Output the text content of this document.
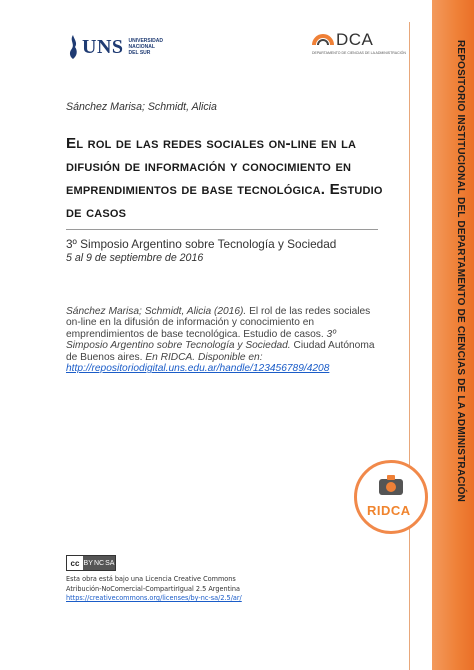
UNS UNIVERSIDAD
NACIONAL
DEL SUR
DCA
DEPARTAMENTO DE CIENCIAS DE LA ADMINISTRACIÓN	REPOSITORIO INSTITUCIONAL DEL DEPARTAMENTO DE CIENCIAS DE LA ADMINISTRACIÓN
Sánchez Marisa; Schmidt, Alicia
El rol de las redes sociales on-line en la difusión de información y conocimiento en emprendimientos de base tecnológica. Estudio de casos
3º Simposio Argentino sobre Tecnología y Sociedad
5 al 9 de septiembre de 2016
Sánchez Marisa; Schmidt, Alicia (2016). El rol de las redes sociales on-line en la difusión de información y conocimiento en emprendimientos de base tecnológica. Estudio de casos. 3º Simposio Argentino sobre Tecnología y Sociedad. Ciudad Autónoma de Buenos aires. En RIDCA. Disponible en:
http://repositoriodigital.uns.edu.ar/handle/123456789/4208
RIDCA
cc BY NC SA
Esta obra está bajo una Licencia Creative Commons
Atribución-NoComercial-CompartirIgual 2.5 Argentina
https://creativecommons.org/licenses/by-nc-sa/2.5/ar/
